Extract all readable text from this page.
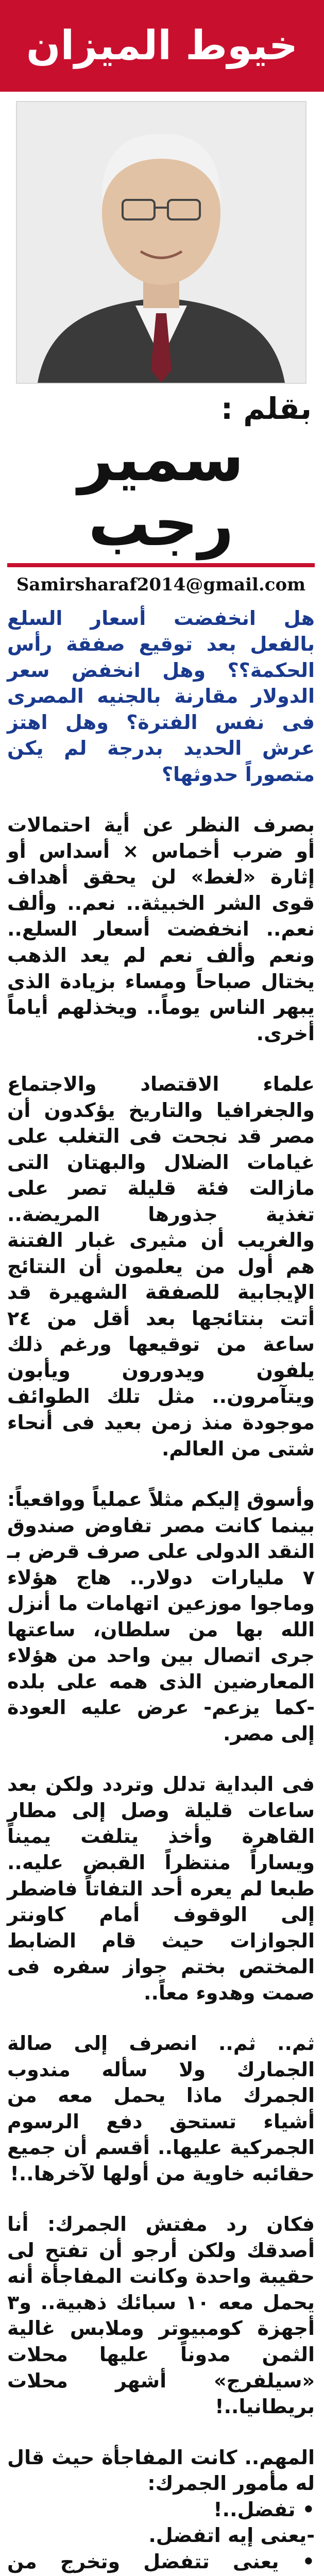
خيوط الميزان
بقلم :
سمير رجب
Samirsharaf2014@gmail.com

هل انخفضت أسعار السلع بالفعل بعد توقيع صفقة رأس الحكمة؟؟ وهل انخفض سعر الدولار مقارنة بالجنيه المصرى فى نفس الفترة؟ وهل اهتز عرش الحديد بدرجة لم يكن متصوراً حدوثها؟

بصرف النظر عن أية احتمالات أو ضرب أخماس × أسداس أو إثارة «لغط» لن يحقق أهداف قوى الشر الخبيثة.. نعم.. وألف نعم.. انخفضت أسعار السلع.. ونعم وألف نعم لم يعد الذهب يختال صباحاً ومساء بزيادة الذى يبهر الناس يوماً.. ويخذلهم أياماً أخرى.

علماء الاقتصاد والاجتماع والجغرافيا والتاريخ يؤكدون أن مصر قد نجحت فى التغلب على غيامات الضلال والبهتان التى مازالت فئة قليلة تصر على تغذية جذورها المريضة.. والغريب أن مثيرى غبار الفتنة هم أول من يعلمون أن النتائج الإيجابية للصفقة الشهيرة قد أتت بنتائجها بعد أقل من ٢٤ ساعة من توقيعها ورغم ذلك يلفون ويدورون ويأبون ويتآمرون.. مثل تلك الطوائف موجودة منذ زمن بعيد فى أنحاء شتى من العالم.

وأسوق إليكم مثلاً عملياً وواقعياً: بينما كانت مصر تفاوض صندوق النقد الدولى على صرف قرض بـ ٧ مليارات دولار.. هاج هؤلاء وماجوا موزعين اتهامات ما أنزل الله بها من سلطان، ساعتها جرى اتصال بين واحد من هؤلاء المعارضين الذى همه على بلده -كما يزعم- عرض عليه العودة إلى مصر.

فى البداية تدلل وتردد ولكن بعد ساعات قليلة وصل إلى مطار القاهرة وأخذ يتلفت يميناً ويساراً منتظراً القبض عليه.. طبعا لم يعره أحد التفاتاً فاضطر إلى الوقوف أمام كاونتر الجوازات حيث قام الضابط المختص بختم جواز سفره فى صمت وهدوء معاً..

ثم.. ثم.. انصرف إلى صالة الجمارك ولا سأله مندوب الجمرك ماذا يحمل معه من أشياء تستحق دفع الرسوم الجمركية عليها.. أقسم أن جميع حقائبه خاوية من أولها لآخرها..!

فكان رد مفتش الجمرك: أنا أصدقك ولكن أرجو أن تفتح لى حقيبة واحدة وكانت المفاجأة أنه يحمل معه ١٠ سبائك ذهبية.. و٣ أجهزة كومبيوتر وملابس غالية الثمن مدوناً عليها محلات «سيلفرج» أشهر محلات بريطانيا..!

المهم.. كانت المفاجأة حيث قال له مأمور الجمرك:
• تفضل..!
-يعنى إيه اتفضل.
• يعنى تتفضل وتخرج من
